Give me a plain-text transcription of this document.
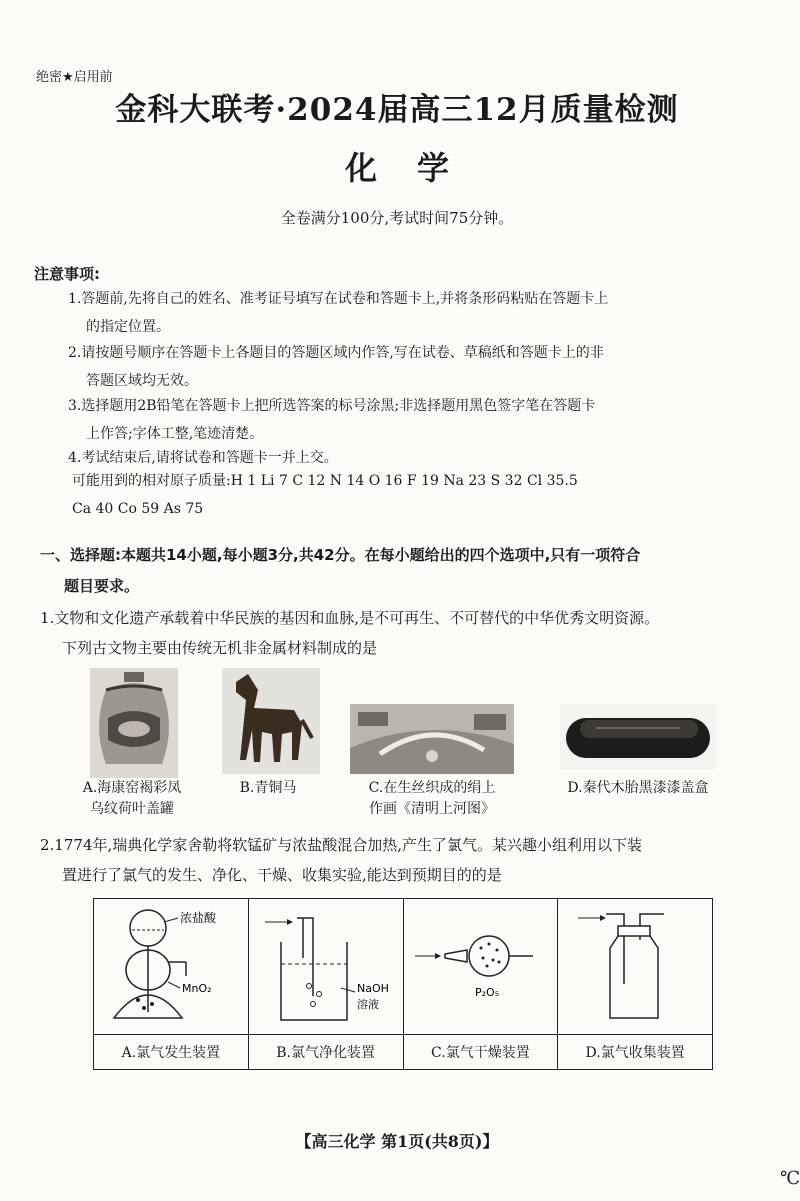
绝密★启用前
金科大联考·2024届高三12月质量检测
化学
全卷满分100分,考试时间75分钟。
注意事项:
1.答题前,先将自己的姓名、准考证号填写在试卷和答题卡上,并将条形码粘贴在答题卡上
的指定位置。
2.请按题号顺序在答题卡上各题目的答题区域内作答,写在试卷、草稿纸和答题卡上的非
答题区域均无效。
3.选择题用2B铅笔在答题卡上把所选答案的标号涂黑;非选择题用黑色签字笔在答题卡
上作答;字体工整,笔迹清楚。
4.考试结束后,请将试卷和答题卡一并上交。
可能用到的相对原子质量:H 1 Li 7 C 12 N 14 O 16 F 19 Na 23 S 32 Cl 35.5
Ca 40 Co 59 As 75
一、选择题:本题共14小题,每小题3分,共42分。在每小题给出的四个选项中,只有一项符合
题目要求。
1.文物和文化遗产承载着中华民族的基因和血脉,是不可再生、不可替代的中华优秀文明资源。
下列古文物主要由传统无机非金属材料制成的是
A.海康窑褐彩凤
乌纹荷叶盖罐
B.青铜马	C.在生丝织成的绢上
作画《清明上河图》
D.秦代木胎黑漆漆盖盒
2.1774年,瑞典化学家舍勒将软锰矿与浓盐酸混合加热,产生了氯气。某兴趣小组利用以下装
置进行了氯气的发生、净化、干燥、收集实验,能达到预期目的的是
浓盐酸
MnO₂	NaOH
溶液	P₂O₅

A.氯气发生装置	B.氯气净化装置	C.氯气干燥装置	D.氯气收集装置
【高三化学 第1页(共8页)】
℃
